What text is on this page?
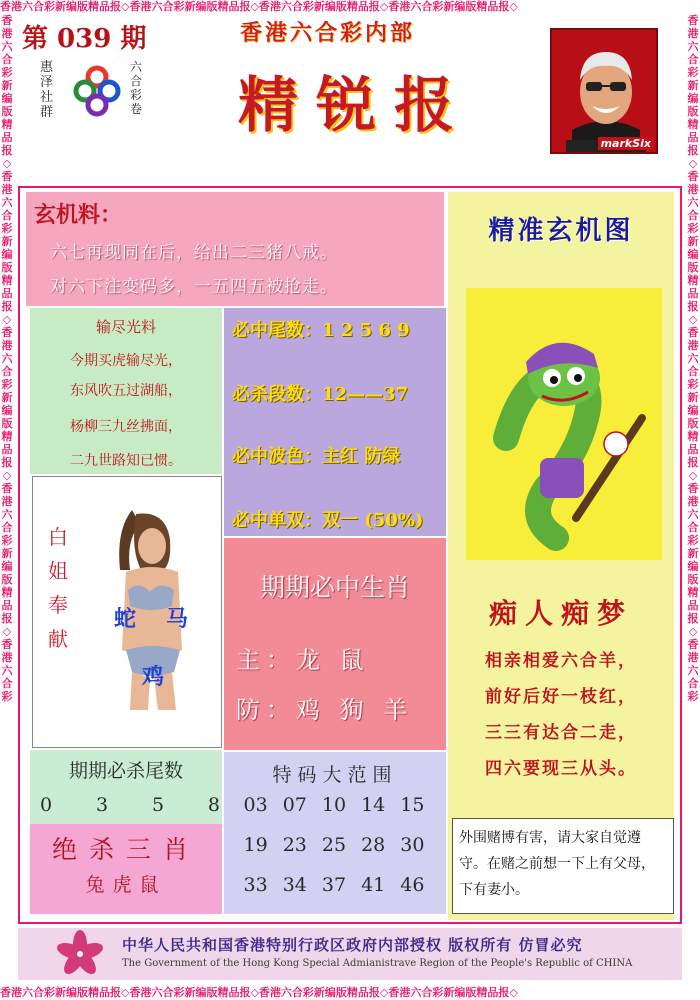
香港六合彩新编版精品报◇香港六合彩新编版精品报◇香港六合彩新编版精品报◇香港六合彩新编版精品报◇
香港六合彩新编版精品报◇香港六合彩新编版精品报◇香港六合彩新编版精品报◇香港六合彩新编版精品报◇
香港六合彩新编版精品报◇香港六合彩新编版精品报◇香港六合彩新编版精品报◇香港六合彩新编版精品报◇香港六合彩
香港六合彩新编版精品报◇香港六合彩新编版精品报◇香港六合彩新编版精品报◇香港六合彩新编版精品报◇香港六合彩
第 039 期
惠泽社群
六合彩卷
香港六合彩内部
精锐报
markSix
玄机料：
六七再现同在后，给出二三猪八戒。
对六下注变码多，一五四五被抢走。
输尽光料
今期买虎输尽光，
东风吹五过湖船，
杨柳三九丝拂面，
二九世路知已惯。
必中尾数：1 2 5 6 9
必杀段数：12——37
必中波色：主红 防绿
必中单双：双一 (50%)
白姐奉献
蛇 马
鸡
期期必中生肖
主：龙 鼠
防：鸡 狗 羊
期期必杀尾数
0 3 5 8
绝杀三肖
兔虎鼠
特码大范围
03 07 10 14 15
19 23 25 28 30
33 34 37 41 46
精准玄机图
痴人痴梦
相亲相爱六合羊，
前好后好一枝红，
三三有达合二走，
四六要现三从头。
外围赌博有害，请大家自觉遵守。在赌之前想一下上有父母，下有妻小。
中华人民共和国香港特别行政区政府内部授权 版权所有 仿冒必究
The Government of the Hong Kong Special Admianistrave Region of the People's Republic of CHINA
